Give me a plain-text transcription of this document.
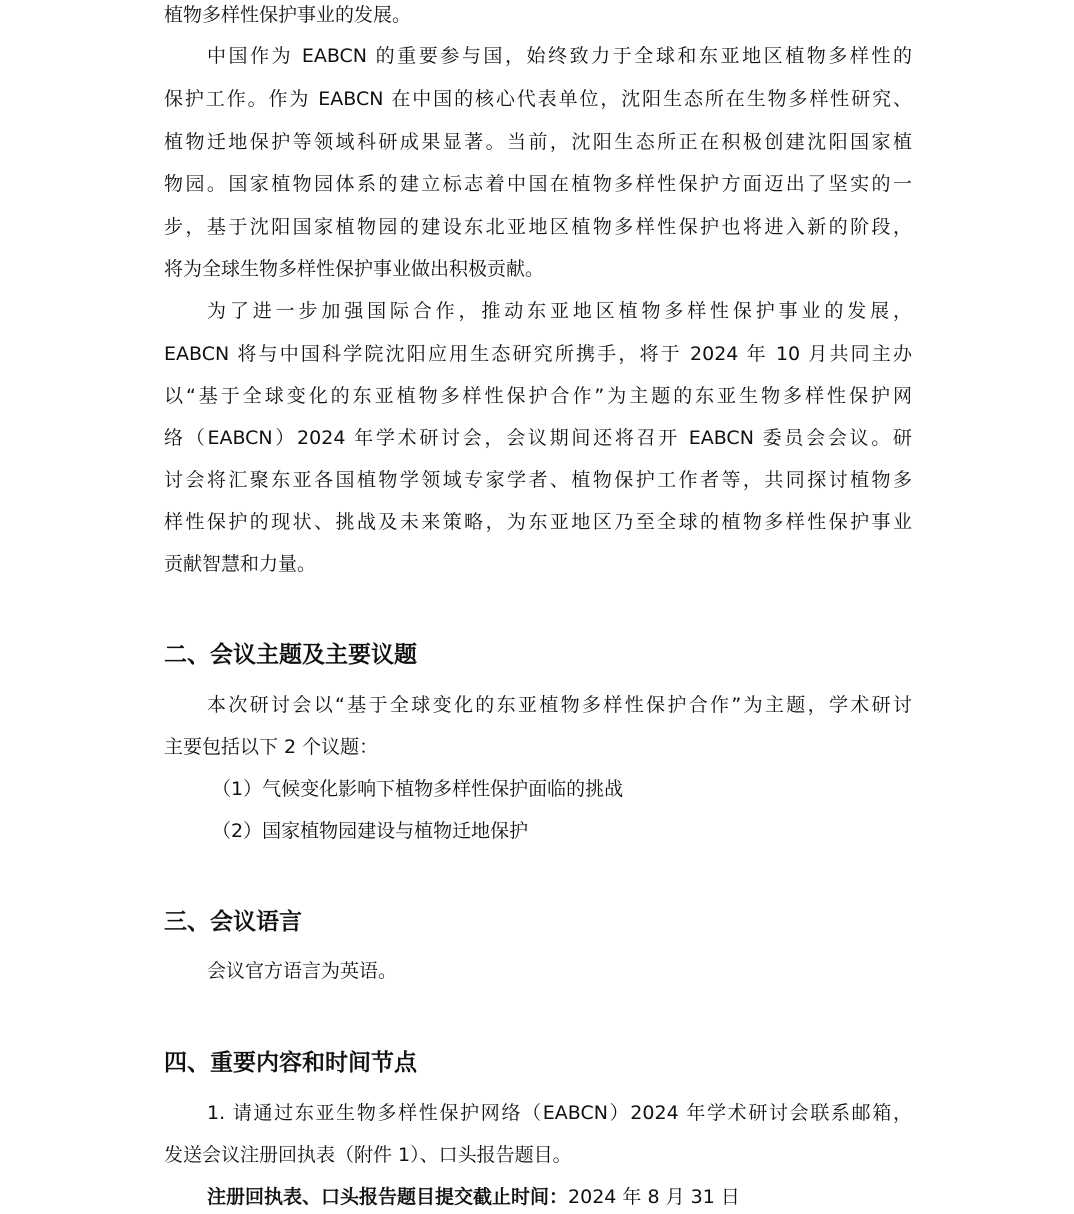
植物多样性保护事业的发展。
中国作为 EABCN 的重要参与国，始终致力于全球和东亚地区植物多样性的
保护工作。作为 EABCN 在中国的核心代表单位，沈阳生态所在生物多样性研究、
植物迁地保护等领域科研成果显著。当前，沈阳生态所正在积极创建沈阳国家植
物园。国家植物园体系的建立标志着中国在植物多样性保护方面迈出了坚实的一
步，基于沈阳国家植物园的建设东北亚地区植物多样性保护也将进入新的阶段，
将为全球生物多样性保护事业做出积极贡献。
为了进一步加强国际合作，推动东亚地区植物多样性保护事业的发展，
EABCN 将与中国科学院沈阳应用生态研究所携手，将于 2024 年 10 月共同主办
以“基于全球变化的东亚植物多样性保护合作”为主题的东亚生物多样性保护网
络（EABCN）2024 年学术研讨会，会议期间还将召开 EABCN 委员会会议。研
讨会将汇聚东亚各国植物学领域专家学者、植物保护工作者等，共同探讨植物多
样性保护的现状、挑战及未来策略，为东亚地区乃至全球的植物多样性保护事业
贡献智慧和力量。
二、会议主题及主要议题
本次研讨会以“基于全球变化的东亚植物多样性保护合作”为主题，学术研讨
主要包括以下 2 个议题：
（1）气候变化影响下植物多样性保护面临的挑战
（2）国家植物园建设与植物迁地保护
三、会议语言
会议官方语言为英语。
四、重要内容和时间节点
1. 请通过东亚生物多样性保护网络（EABCN）2024 年学术研讨会联系邮箱，
发送会议注册回执表（附件 1）、口头报告题目。
注册回执表、口头报告题目提交截止时间：2024 年 8 月 31 日
